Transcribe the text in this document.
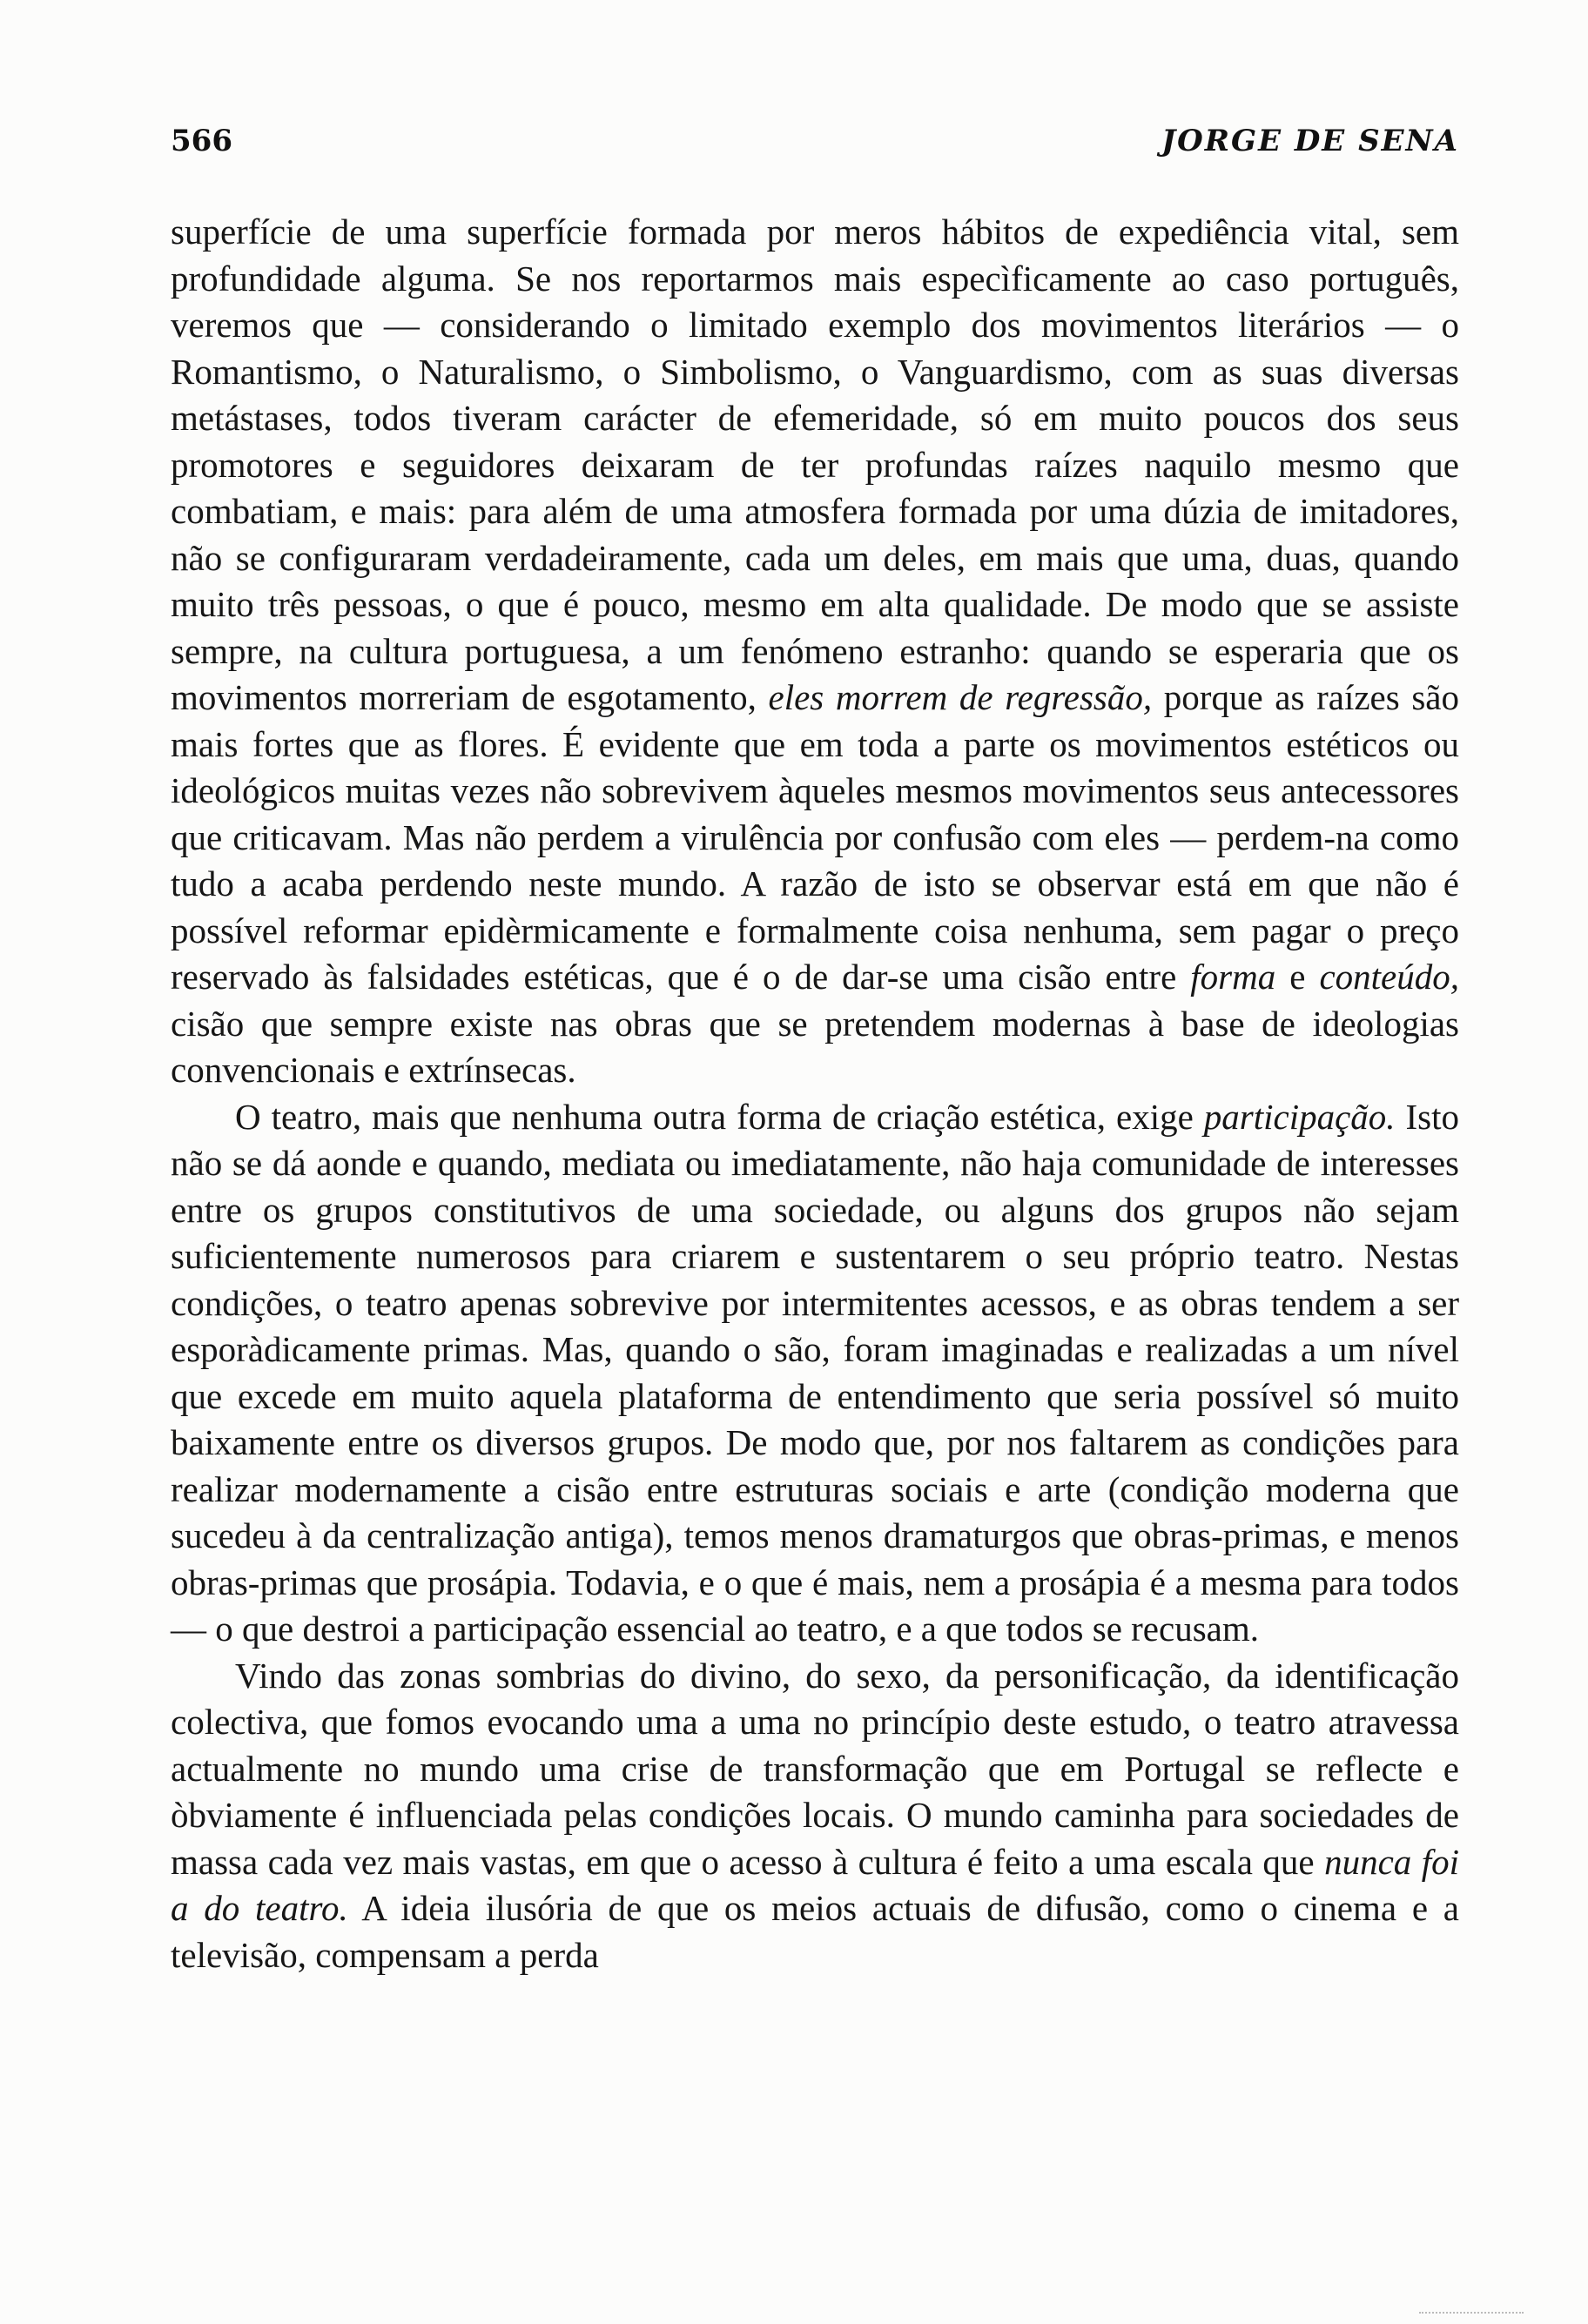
566	JORGE DE SENA

superfície de uma superfície formada por meros hábitos de expediência vital, sem profundidade alguma. Se nos reportarmos mais especìficamente ao caso português, veremos que — considerando o limitado exemplo dos movimentos literários — o Romantismo, o Naturalismo, o Simbolismo, o Vanguardismo, com as suas diversas metástases, todos tiveram carácter de efemeridade, só em muito poucos dos seus promotores e seguidores deixaram de ter profundas raízes naquilo mesmo que combatiam, e mais: para além de uma atmosfera formada por uma dúzia de imitadores, não se configuraram verdadeiramente, cada um deles, em mais que uma, duas, quando muito três pessoas, o que é pouco, mesmo em alta qualidade. De modo que se assiste sempre, na cultura portuguesa, a um fenómeno estranho: quando se esperaria que os movimentos morreriam de esgotamento, eles morrem de regressão, porque as raízes são mais fortes que as flores. É evidente que em toda a parte os movimentos estéticos ou ideológicos muitas vezes não sobrevivem àqueles mesmos movimentos seus antecessores que criticavam. Mas não perdem a virulência por confusão com eles — perdem-na como tudo a acaba perdendo neste mundo. A razão de isto se observar está em que não é possível reformar epidèrmicamente e formalmente coisa nenhuma, sem pagar o preço reservado às falsidades estéticas, que é o de dar-se uma cisão entre forma e conteúdo, cisão que sempre existe nas obras que se pretendem modernas à base de ideologias convencionais e extrínsecas.

O teatro, mais que nenhuma outra forma de criação estética, exige participação. Isto não se dá aonde e quando, mediata ou imediatamente, não haja comunidade de interesses entre os grupos constitutivos de uma sociedade, ou alguns dos grupos não sejam suficientemente numerosos para criarem e sustentarem o seu próprio teatro. Nestas condições, o teatro apenas sobrevive por intermitentes acessos, e as obras tendem a ser esporàdicamente primas. Mas, quando o são, foram imaginadas e realizadas a um nível que excede em muito aquela plataforma de entendimento que seria possível só muito baixamente entre os diversos grupos. De modo que, por nos faltarem as condições para realizar modernamente a cisão entre estruturas sociais e arte (condição moderna que sucedeu à da centralização antiga), temos menos dramaturgos que obras-primas, e menos obras-primas que prosápia. Todavia, e o que é mais, nem a prosápia é a mesma para todos — o que destroi a participação essencial ao teatro, e a que todos se recusam.

Vindo das zonas sombrias do divino, do sexo, da personificação, da identificação colectiva, que fomos evocando uma a uma no princípio deste estudo, o teatro atravessa actualmente no mundo uma crise de transformação que em Portugal se reflecte e òbviamente é influenciada pelas condições locais. O mundo caminha para sociedades de massa cada vez mais vastas, em que o acesso à cultura é feito a uma escala que nunca foi a do teatro. A ideia ilusória de que os meios actuais de difusão, como o cinema e a televisão, compensam a perda
